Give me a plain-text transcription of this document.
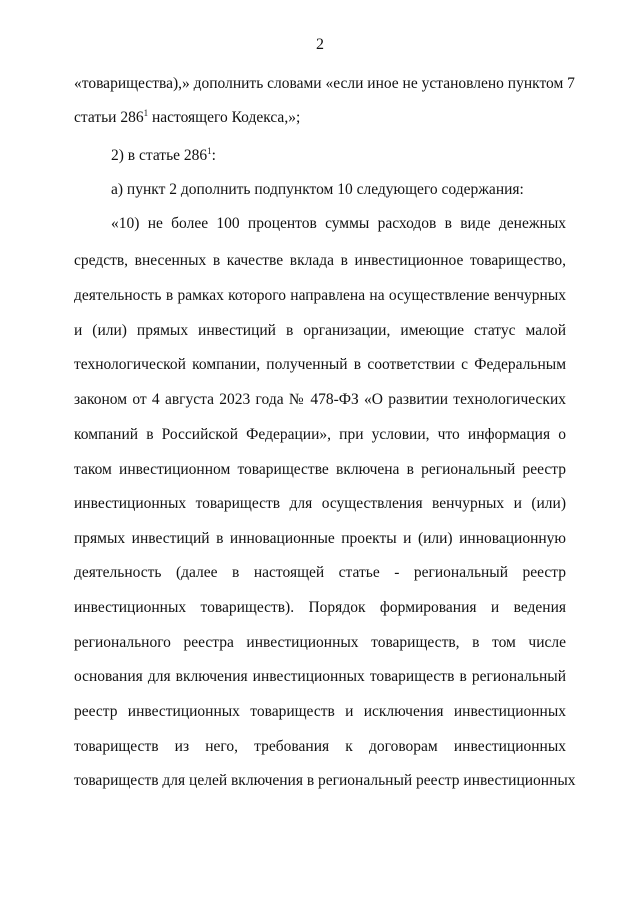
2
«товарищества),» дополнить словами «если иное не установлено пунктом 7
статьи $286^1$ настоящего Кодекса,»;
2) в статье $286^1$:
а) пункт 2 дополнить подпунктом 10 следующего содержания:
«10) не более 100 процентов суммы расходов в виде денежных
средств, внесенных в качестве вклада в инвестиционное товарищество,
деятельность в рамках которого направлена на осуществление венчурных
и (или) прямых инвестиций в организации, имеющие статус малой
технологической компании, полученный в соответствии с Федеральным
законом от 4 августа 2023 года № 478-ФЗ «О развитии технологических
компаний в Российской Федерации», при условии, что информация о
таком инвестиционном товариществе включена в региональный реестр
инвестиционных товариществ для осуществления венчурных и (или)
прямых инвестиций в инновационные проекты и (или) инновационную
деятельность (далее в настоящей статье - региональный реестр
инвестиционных товариществ). Порядок формирования и ведения
регионального реестра инвестиционных товариществ, в том числе
основания для включения инвестиционных товариществ в региональный
реестр инвестиционных товариществ и исключения инвестиционных
товариществ из него, требования к договорам инвестиционных
товариществ для целей включения в региональный реестр инвестиционных
